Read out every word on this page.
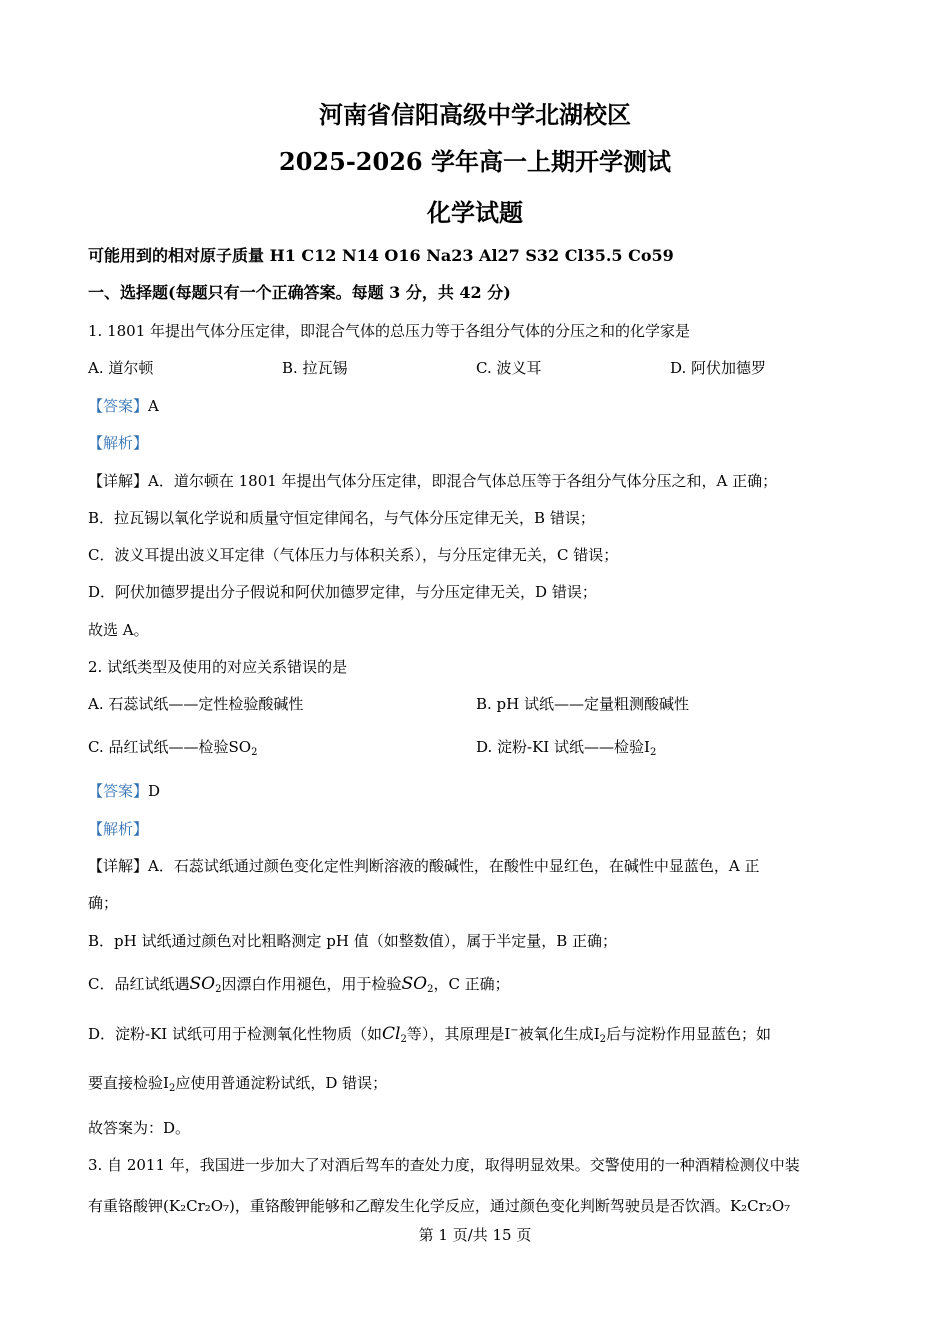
河南省信阳高级中学北湖校区
2025-2026 学年高一上期开学测试
化学试题
可能用到的相对原子质量 H1 C12 N14 O16 Na23 Al27 S32 Cl35.5 Co59
一、选择题(每题只有一个正确答案。每题 3 分，共 42 分)
1. 1801 年提出气体分压定律，即混合气体的总压力等于各组分气体的分压之和的化学家是
A. 道尔顿	B. 拉瓦锡	C. 波义耳	D. 阿伏加德罗
【答案】A
【解析】
【详解】A．道尔顿在 1801 年提出气体分压定律，即混合气体总压等于各组分气体分压之和，A 正确；
B．拉瓦锡以氧化学说和质量守恒定律闻名，与气体分压定律无关，B 错误；
C．波义耳提出波义耳定律（气体压力与体积关系），与分压定律无关，C 错误；
D．阿伏加德罗提出分子假说和阿伏加德罗定律，与分压定律无关，D 错误；
故选 A。
2. 试纸类型及使用的对应关系错误的是
A. 石蕊试纸——定性检验酸碱性	B. pH 试纸——定量粗测酸碱性
C. 品红试纸——检验$SO_2$	D. 淀粉-KI 试纸——检验$I_2$
【答案】D
【解析】
【详解】A．石蕊试纸通过颜色变化定性判断溶液的酸碱性，在酸性中显红色，在碱性中显蓝色，A 正
确；
B．pH 试纸通过颜色对比粗略测定 pH 值（如整数值），属于半定量，B 正确；
C．品红试纸遇$SO_2$因漂白作用褪色，用于检验$SO_2$，C 正确；
D．淀粉-KI 试纸可用于检测氧化性物质（如$Cl_2$等），其原理是I−被氧化生成$I_2$后与淀粉作用显蓝色；如
要直接检验$I_2$应使用普通淀粉试纸，D 错误；
故答案为：D。
3. 自 2011 年，我国进一步加大了对酒后驾车的查处力度，取得明显效果。交警使用的一种酒精检测仪中装
有重铬酸钾(K₂Cr₂O₇)，重铬酸钾能够和乙醇发生化学反应，通过颜色变化判断驾驶员是否饮酒。K₂Cr₂O₇
第 1 页/共 15 页
